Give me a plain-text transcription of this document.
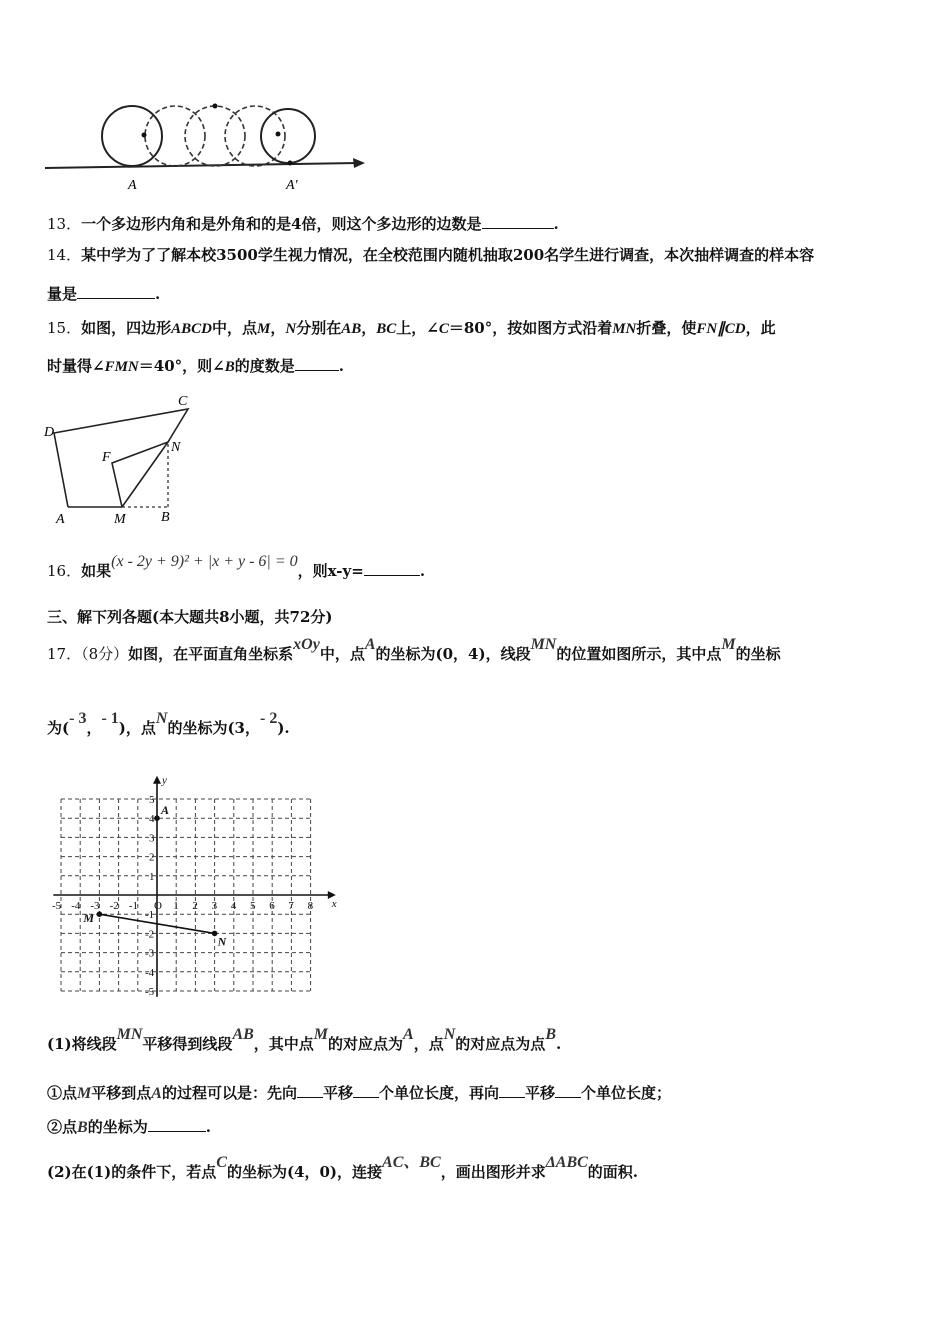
A	A'
13．一个多边形内角和是外角和的是4倍，则这个多边形的边数是	.
14．某中学为了了解本校3500学生视力情况，在全校范围内随机抽取200名学生进行调查，本次抽样调查的样本容
量是	.
15．如图，四边形ABCD中，点M，N分别在AB，BC上，∠C＝80°，按如图方式沿着MN折叠，使FN∥CD，此
时量得∠FMN＝40°，则∠B的度数是	.
C
D
F
N
A	M	B
16．如果(x - 2y + 9)² + |x + y - 6| = 0，则x-y=	.
三、解下列各题(本大题共8小题，共72分)
17．（8分）如图，在平面直角坐标系xOy中，点A的坐标为(0，4)，线段MN的位置如图所示，其中点M的坐标
为(- 3，- 1)，点N的坐标为(3，- 2).
-5 -4 -3 -2 -1 O 1 2 3 4 5 6 7 8
5
4
3
2
1
-1
-2
-3
-4
-5
x
y
M
N
A
(1)将线段MN平移得到线段AB，其中点M的对应点为A，点N的对应点为点B.
①点M平移到点A的过程可以是：先向 平移 个单位长度，再向 平移 个单位长度；
②点B的坐标为	.
(2)在(1)的条件下，若点C的坐标为(4，0)，连接AC、BC，画出图形并求ΔABC的面积.
